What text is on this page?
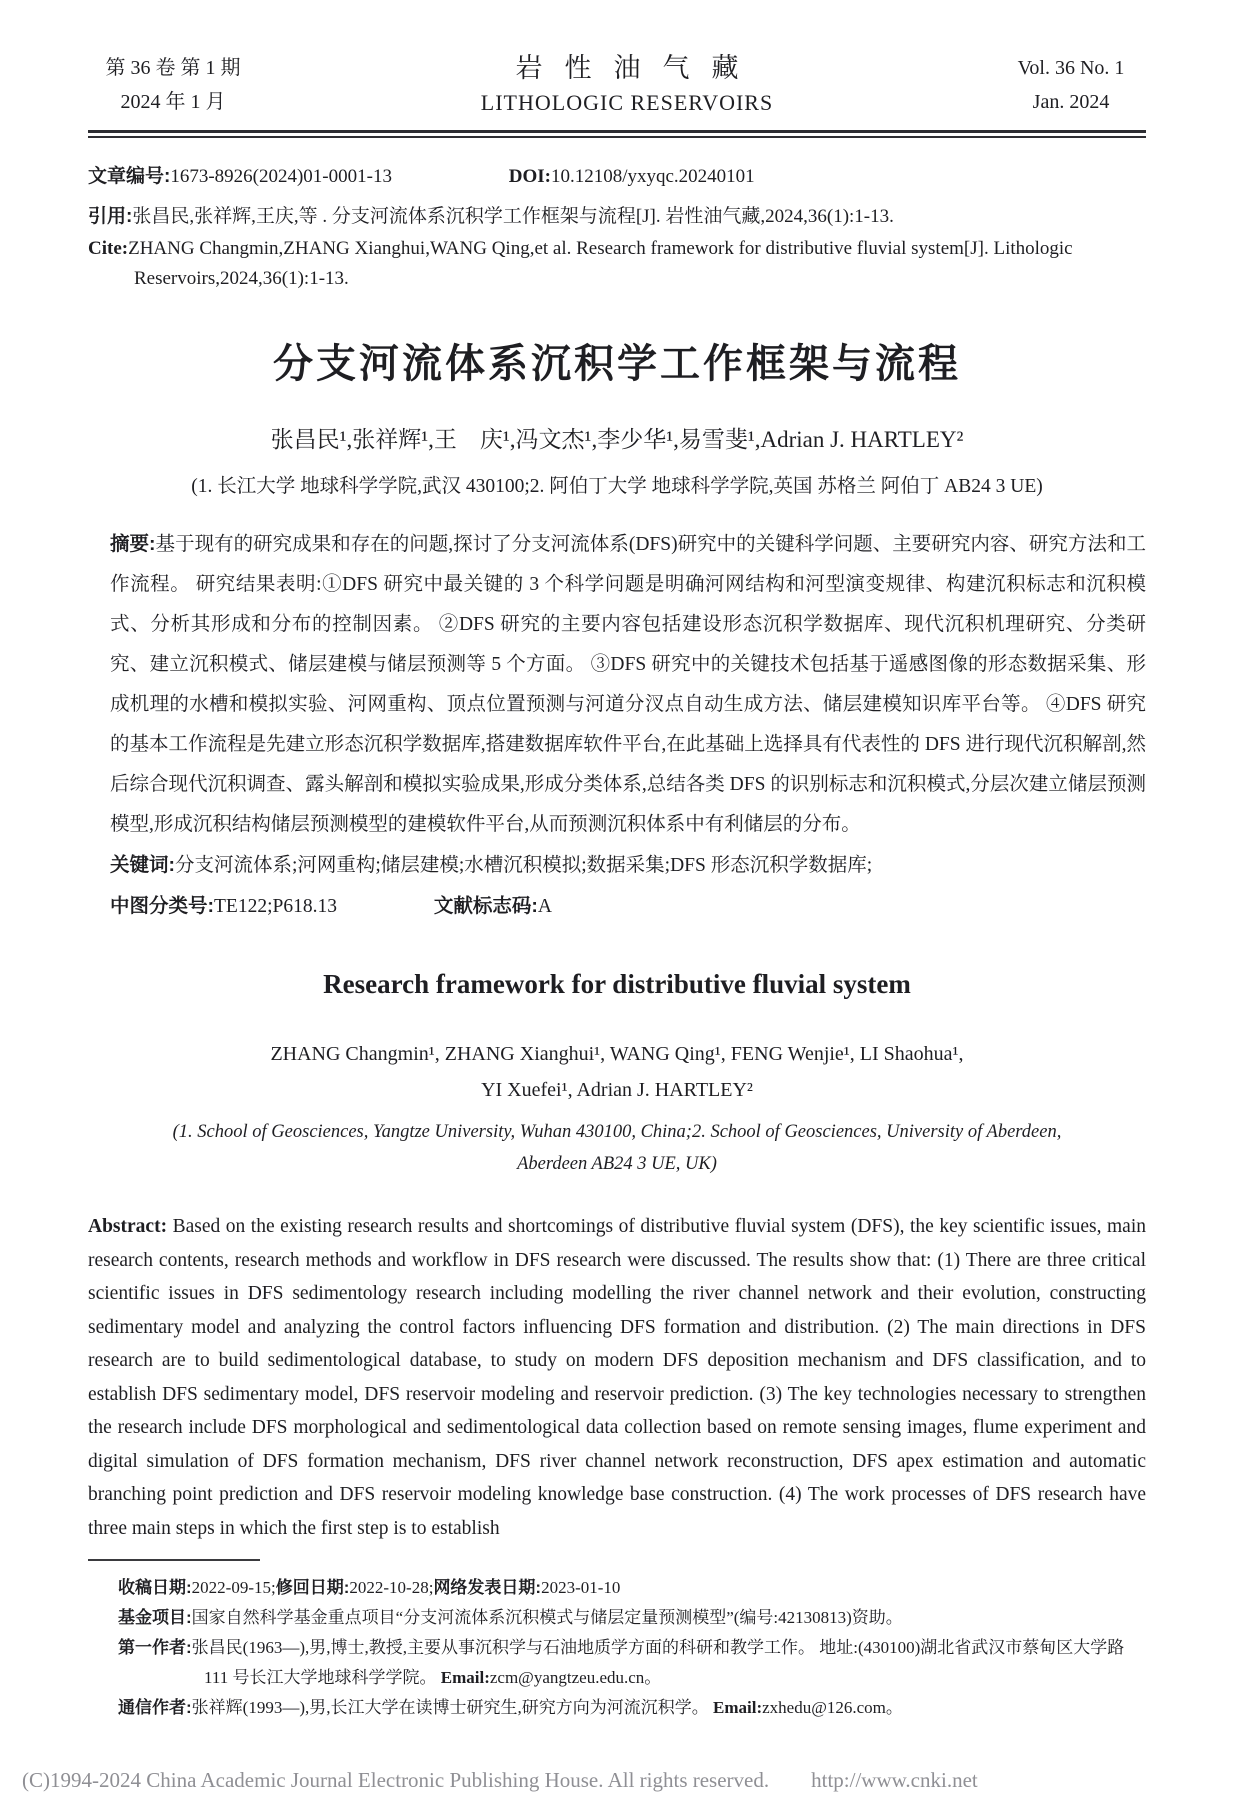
第 36 卷 第 1 期
2024 年 1 月
岩性油气藏
LITHOLOGIC RESERVOIRS
Vol. 36 No. 1
Jan. 2024
文章编号:1673-8926(2024)01-0001-13	DOI:10.12108/yxyqc.20240101
引用:张昌民,张祥辉,王庆,等 . 分支河流体系沉积学工作框架与流程[J]. 岩性油气藏,2024,36(1):1-13.
Cite:ZHANG Changmin,ZHANG Xianghui,WANG Qing,et al. Research framework for distributive fluvial system[J]. Lithologic Reservoirs,2024,36(1):1-13.
分支河流体系沉积学工作框架与流程
张昌民¹,张祥辉¹,王　庆¹,冯文杰¹,李少华¹,易雪斐¹,Adrian J. HARTLEY²
(1. 长江大学 地球科学学院,武汉 430100;2. 阿伯丁大学 地球科学学院,英国 苏格兰 阿伯丁 AB24 3 UE)
摘要:基于现有的研究成果和存在的问题,探讨了分支河流体系(DFS)研究中的关键科学问题、主要研究内容、研究方法和工作流程。 研究结果表明:①DFS 研究中最关键的 3 个科学问题是明确河网结构和河型演变规律、构建沉积标志和沉积模式、分析其形成和分布的控制因素。 ②DFS 研究的主要内容包括建设形态沉积学数据库、现代沉积机理研究、分类研究、建立沉积模式、储层建模与储层预测等 5 个方面。 ③DFS 研究中的关键技术包括基于遥感图像的形态数据采集、形成机理的水槽和模拟实验、河网重构、顶点位置预测与河道分汊点自动生成方法、储层建模知识库平台等。 ④DFS 研究的基本工作流程是先建立形态沉积学数据库,搭建数据库软件平台,在此基础上选择具有代表性的 DFS 进行现代沉积解剖,然后综合现代沉积调查、露头解剖和模拟实验成果,形成分类体系,总结各类 DFS 的识别标志和沉积模式,分层次建立储层预测模型,形成沉积结构储层预测模型的建模软件平台,从而预测沉积体系中有利储层的分布。
关键词:分支河流体系;河网重构;储层建模;水槽沉积模拟;数据采集;DFS 形态沉积学数据库;
中图分类号:TE122;P618.13	文献标志码:A
Research framework for distributive fluvial system
ZHANG Changmin¹, ZHANG Xianghui¹, WANG Qing¹, FENG Wenjie¹, LI Shaohua¹,
YI Xuefei¹, Adrian J. HARTLEY²
(1. School of Geosciences, Yangtze University, Wuhan 430100, China;2. School of Geosciences, University of Aberdeen, Aberdeen AB24 3 UE, UK)
Abstract: Based on the existing research results and shortcomings of distributive fluvial system (DFS), the key scientific issues, main research contents, research methods and workflow in DFS research were discussed. The results show that: (1) There are three critical scientific issues in DFS sedimentology research including modelling the river channel network and their evolution, constructing sedimentary model and analyzing the control factors influencing DFS formation and distribution. (2) The main directions in DFS research are to build sedimentological database, to study on modern DFS deposition mechanism and DFS classification, and to establish DFS sedimentary model, DFS reservoir modeling and reservoir prediction. (3) The key technologies necessary to strengthen the research include DFS morphological and sedimentological data collection based on remote sensing images, flume experiment and digital simulation of DFS formation mechanism, DFS river channel network reconstruction, DFS apex estimation and automatic branching point prediction and DFS reservoir modeling knowledge base construction. (4) The work processes of DFS research have three main steps in which the first step is to establish

收稿日期:2022-09-15;修回日期:2022-10-28;网络发表日期:2023-01-10

基金项目:国家自然科学基金重点项目“分支河流体系沉积模式与储层定量预测模型”(编号:42130813)资助。

第一作者:张昌民(1963—),男,博士,教授,主要从事沉积学与石油地质学方面的科研和教学工作。 地址:(430100)湖北省武汉市蔡甸区大学路 111 号长江大学地球科学学院。 Email:zcm@yangtzeu.edu.cn。

通信作者:张祥辉(1993—),男,长江大学在读博士研究生,研究方向为河流沉积学。 Email:zxhedu@126.com。

(C)1994-2024 China Academic Journal Electronic Publishing House. All rights reserved. http://www.cnki.net
